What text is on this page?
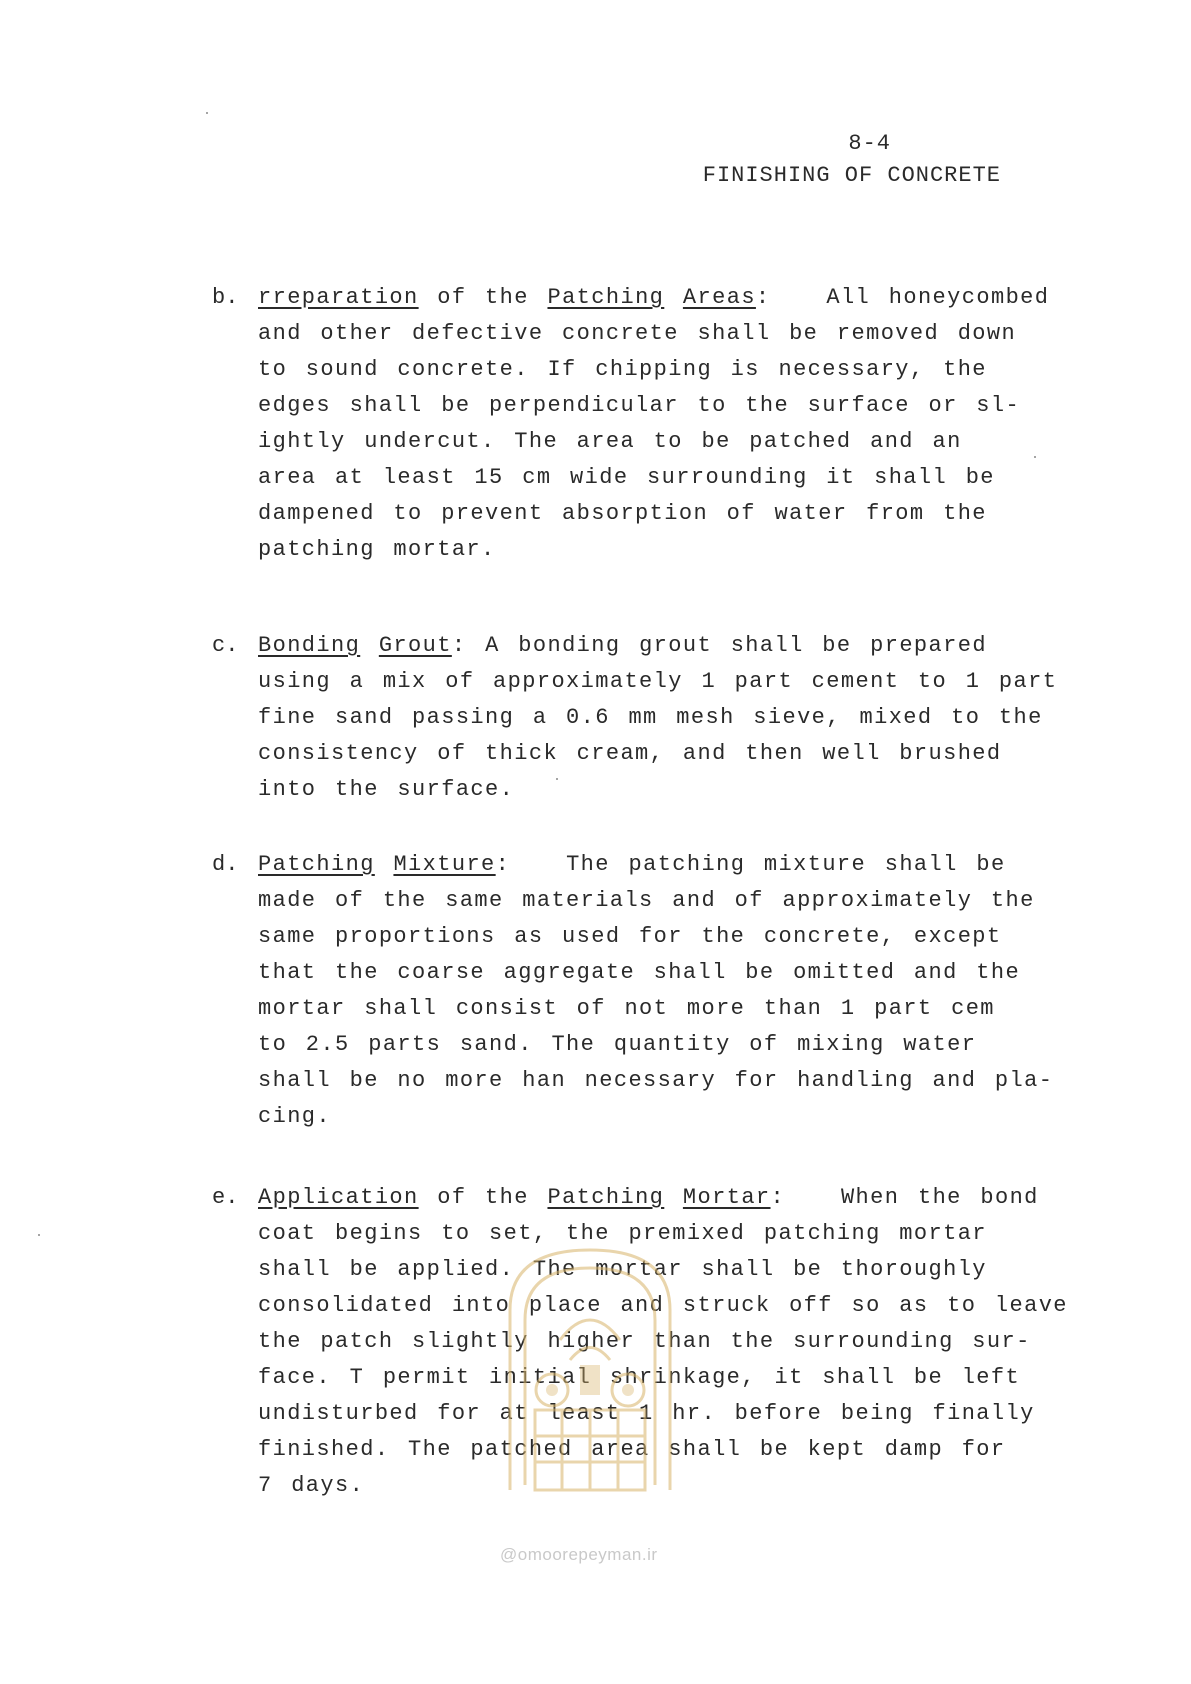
8-4
FINISHING OF CONCRETE
b. rreparation of the Patching Areas:   All honeycombed
and other defective concrete shall be removed down
to sound concrete. If chipping is necessary, the
edges shall be perpendicular to the surface or sl-
ightly undercut. The area to be patched and an
area at least 15 cm wide surrounding it shall be
dampened to prevent absorption of water from the
patching mortar.
c. Bonding Grout: A bonding grout shall be prepared
using a mix of approximately 1 part cement to 1 part
fine sand passing a 0.6 mm mesh sieve, mixed to the
consistency of thick cream, and then well brushed
into the surface.
d. Patching Mixture:   The patching mixture shall be
made of the same materials and of approximately the
same proportions as used for the concrete, except
that the coarse aggregate shall be omitted and the
mortar shall consist of not more than 1 part cem
to 2.5 parts sand. The quantity of mixing water
shall be no more han necessary for handling and pla-
cing.
e. Application of the Patching Mortar:   When the bond
coat begins to set, the premixed patching mortar
shall be applied. The mortar shall be thoroughly
consolidated into place and struck off so as to leave
the patch slightly higher than the surrounding sur-
face. T permit initial shrinkage, it shall be left
undisturbed for at least 1 hr. before being finally
finished. The patched area shall be kept damp for
7 days.
@omoorepeyman.ir
